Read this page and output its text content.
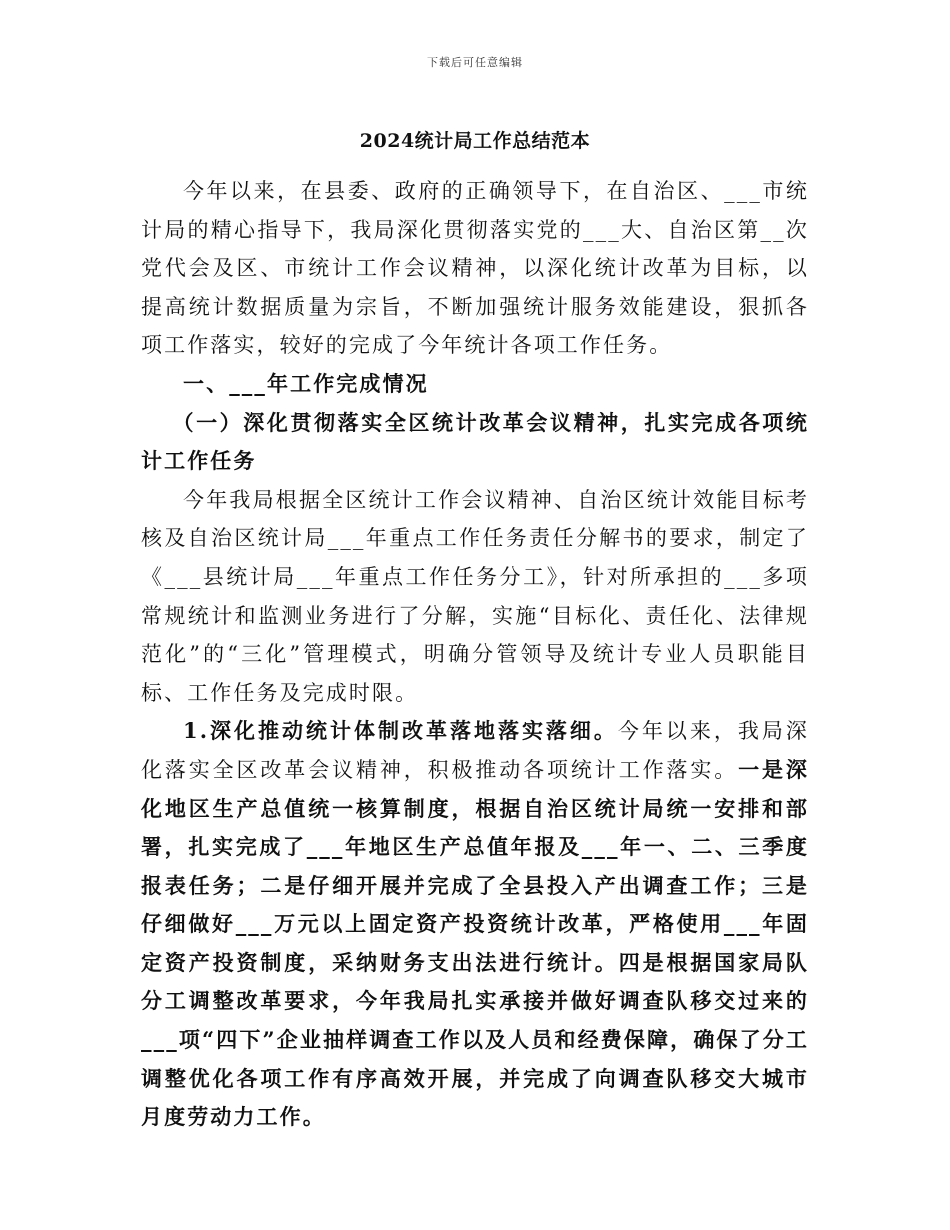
下载后可任意编辑
2024统计局工作总结范本

今年以来，在县委、政府的正确领导下，在自治区、___市统计局的精心指导下，我局深化贯彻落实党的___大、自治区第__次党代会及区、市统计工作会议精神，以深化统计改革为目标，以提高统计数据质量为宗旨，不断加强统计服务效能建设，狠抓各项工作落实，较好的完成了今年统计各项工作任务。

一、___年工作完成情况

（一）深化贯彻落实全区统计改革会议精神，扎实完成各项统计工作任务

今年我局根据全区统计工作会议精神、自治区统计效能目标考核及自治区统计局___年重点工作任务责任分解书的要求，制定了《___县统计局___年重点工作任务分工》，针对所承担的___多项常规统计和监测业务进行了分解，实施“目标化、责任化、法律规范化”的“三化”管理模式，明确分管领导及统计专业人员职能目标、工作任务及完成时限。

1.深化推动统计体制改革落地落实落细。今年以来，我局深化落实全区改革会议精神，积极推动各项统计工作落实。一是深化地区生产总值统一核算制度，根据自治区统计局统一安排和部署，扎实完成了___年地区生产总值年报及___年一、二、三季度报表任务；二是仔细开展并完成了全县投入产出调查工作；三是仔细做好___万元以上固定资产投资统计改革，严格使用___年固定资产投资制度，采纳财务支出法进行统计。四是根据国家局队分工调整改革要求，今年我局扎实承接并做好调查队移交过来的___项“四下”企业抽样调查工作以及人员和经费保障，确保了分工调整优化各项工作有序高效开展，并完成了向调查队移交大城市月度劳动力工作。
